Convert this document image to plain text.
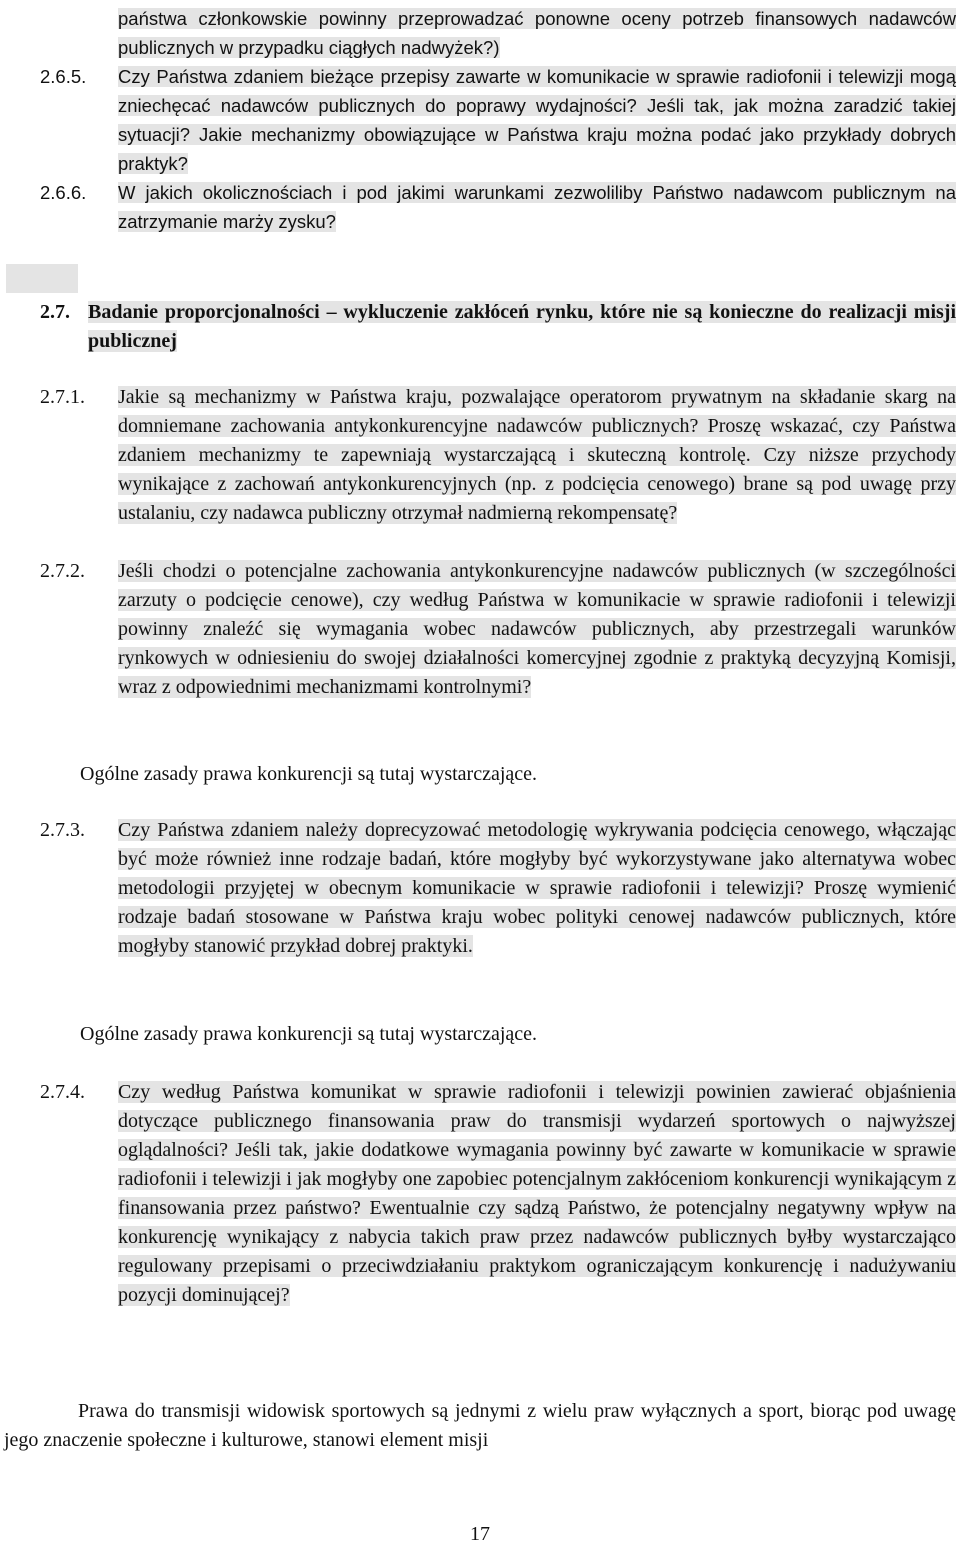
państwa członkowskie powinny przeprowadzać ponowne oceny potrzeb finansowych nadawców publicznych w przypadku ciągłych nadwyżek?)
2.6.5. Czy Państwa zdaniem bieżące przepisy zawarte w komunikacie w sprawie radiofonii i telewizji mogą zniechęcać nadawców publicznych do poprawy wydajności? Jeśli tak, jak można zaradzić takiej sytuacji? Jakie mechanizmy obowiązujące w Państwa kraju można podać jako przykłady dobrych praktyk?
2.6.6. W jakich okolicznościach i pod jakimi warunkami zezwoliliby Państwo nadawcom publicznym na zatrzymanie marży zysku?
2.7. Badanie proporcjonalności – wykluczenie zakłóceń rynku, które nie są konieczne do realizacji misji publicznej
2.7.1. Jakie są mechanizmy w Państwa kraju, pozwalające operatorom prywatnym na składanie skarg na domniemane zachowania antykonkurencyjne nadawców publicznych? Proszę wskazać, czy Państwa zdaniem mechanizmy te zapewniają wystarczającą i skuteczną kontrolę. Czy niższe przychody wynikające z zachowań antykonkurencyjnych (np. z podcięcia cenowego) brane są pod uwagę przy ustalaniu, czy nadawca publiczny otrzymał nadmierną rekompensatę?
2.7.2. Jeśli chodzi o potencjalne zachowania antykonkurencyjne nadawców publicznych (w szczególności zarzuty o podcięcie cenowe), czy według Państwa w komunikacie w sprawie radiofonii i telewizji powinny znaleźć się wymagania wobec nadawców publicznych, aby przestrzegali warunków rynkowych w odniesieniu do swojej działalności komercyjnej zgodnie z praktyką decyzyjną Komisji, wraz z odpowiednimi mechanizmami kontrolnymi?
Ogólne zasady prawa konkurencji są tutaj wystarczające.
2.7.3. Czy Państwa zdaniem należy doprecyzować metodologię wykrywania podcięcia cenowego, włączając być może również inne rodzaje badań, które mogłyby być wykorzystywane jako alternatywa wobec metodologii przyjętej w obecnym komunikacie w sprawie radiofonii i telewizji? Proszę wymienić rodzaje badań stosowane w Państwa kraju wobec polityki cenowej nadawców publicznych, które mogłyby stanowić przykład dobrej praktyki.
Ogólne zasady prawa konkurencji są tutaj wystarczające.
2.7.4. Czy według Państwa komunikat w sprawie radiofonii i telewizji powinien zawierać objaśnienia dotyczące publicznego finansowania praw do transmisji wydarzeń sportowych o najwyższej oglądalności? Jeśli tak, jakie dodatkowe wymagania powinny być zawarte w komunikacie w sprawie radiofonii i telewizji i jak mogłyby one zapobiec potencjalnym zakłóceniom konkurencji wynikającym z finansowania przez państwo? Ewentualnie czy sądzą Państwo, że potencjalny negatywny wpływ na konkurencję wynikający z nabycia takich praw przez nadawców publicznych byłby wystarczająco regulowany przepisami o przeciwdziałaniu praktykom ograniczającym konkurencję i nadużywaniu pozycji dominującej?
Prawa do transmisji widowisk sportowych są jednymi z wielu praw wyłącznych a sport, biorąc pod uwagę jego znaczenie społeczne i kulturowe, stanowi element misji
17
